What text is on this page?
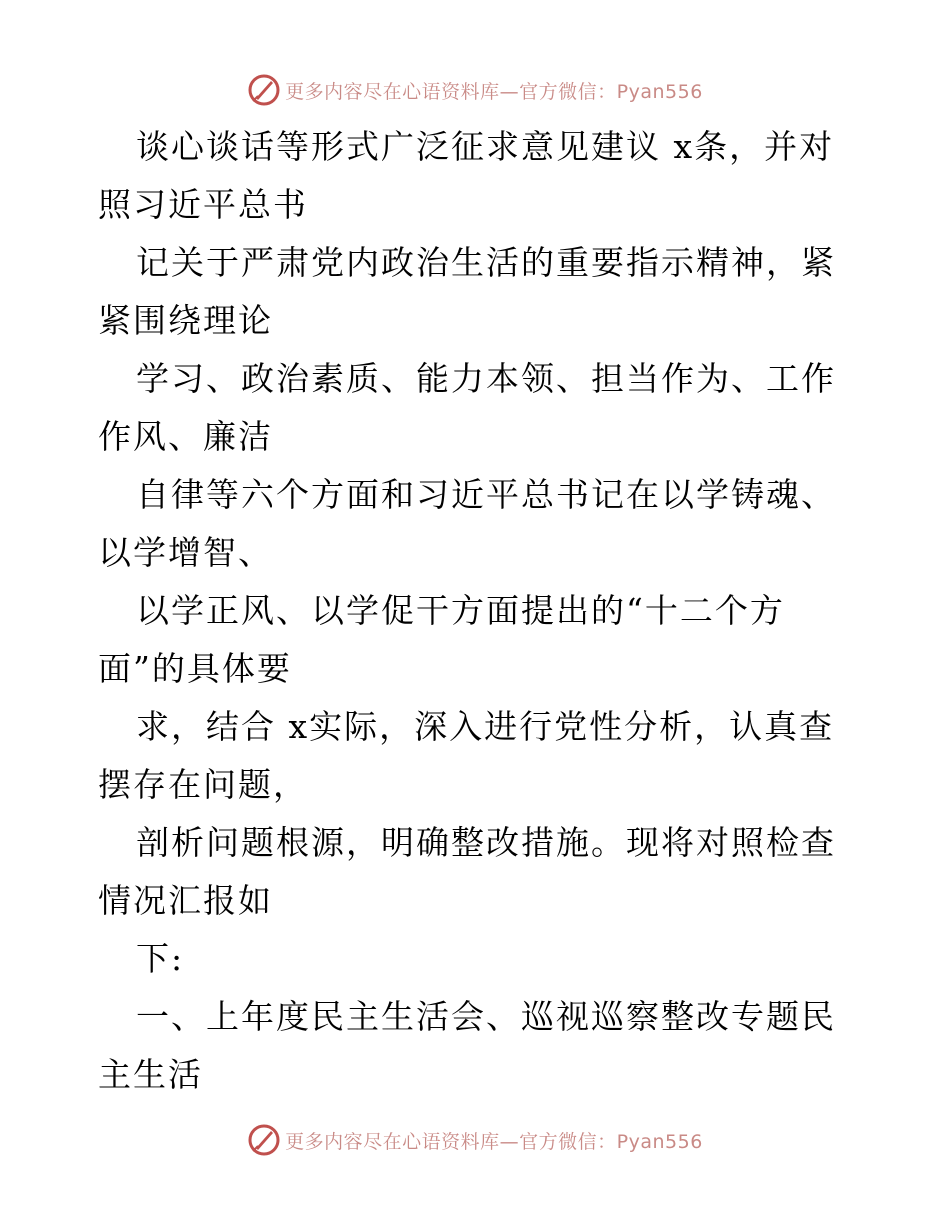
更多内容尽在心语资料库—官方微信：Pyan556

谈心谈话等形式广泛征求意见建议 x条，并对照习近平总书

记关于严肃党内政治生活的重要指示精神，紧紧围绕理论

学习、政治素质、能力本领、担当作为、工作作风、廉洁

自律等六个方面和习近平总书记在以学铸魂、以学增智、

以学正风、以学促干方面提出的“十二个方面”的具体要

求，结合 x实际，深入进行党性分析，认真查摆存在问题，

剖析问题根源，明确整改措施。现将对照检查情况汇报如

下:

一、上年度民主生活会、巡视巡察整改专题民主生活

更多内容尽在心语资料库—官方微信：Pyan556
